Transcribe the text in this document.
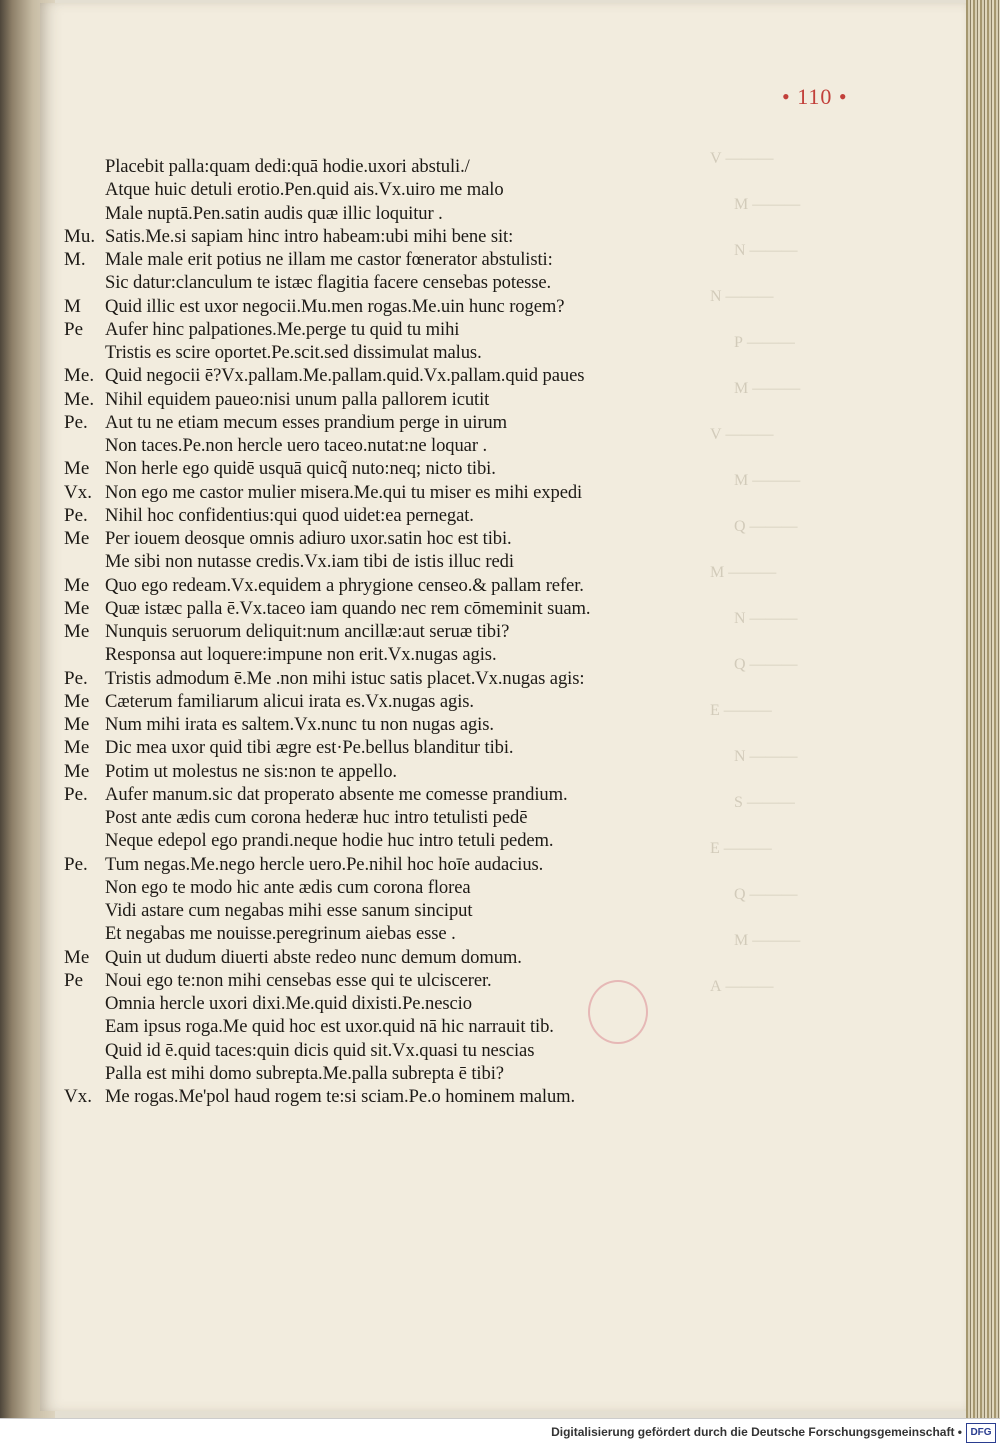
• 110 •
V ———
M ———
N ———
N ———
P ———
M ———
V ———
M ———
Q ———
M ———
N ———
Q ———
E ———
N ———
S ———
E ———
Q ———
M ———
A ———
Placebit palla:quam dedi:quā hodie.uxori abstuli./
Atque huic detuli erotio.Pen.quid ais.Vx.uiro me malo
Male nuptā.Pen.satin audis quæ illic loquitur .
Mu. Satis.Me.si sapiam hinc intro habeam:ubi mihi bene sit:
M.	Male male erit potius ne illam me castor fœnerator abstulisti:
Sic datur:clanculum te istæc flagitia facere censebas potesse.
M	Quid illic est uxor negocii.Mu.men rogas.Me.uin hunc rogem?
Pe	Aufer hinc palpationes.Me.perge tu quid tu mihi
Tristis es scire oportet.Pe.scit.sed dissimulat malus.
Me. Quid negocii ē?Vx.pallam.Me.pallam.quid.Vx.pallam.quid paues
Me. Nihil equidem paueo:nisi unum palla pallorem icutit
Pe. Aut tu ne etiam mecum esses prandium perge in uirum
Non taces.Pe.non hercle uero taceo.nutat:ne loquar .
Me Non herle ego quidē usquā quicq̃ nuto:neq; nicto tibi.
Vx. Non ego me castor mulier misera.Me.qui tu miser es mihi expedi
Pe. Nihil hoc confidentius:qui quod uidet:ea pernegat.
Me Per iouem deosque omnis adiuro uxor.satin hoc est tibi.
Me sibi non nutasse credis.Vx.iam tibi de istis illuc redi
Me Quo ego redeam.Vx.equidem a phrygione censeo.& pallam refer.
Me Quæ istæc palla ē.Vx.taceo iam quando nec rem cōmeminit suam.
Me Nunquis seruorum deliquit:num ancillæ:aut seruæ tibi?
Responsa aut loquere:impune non erit.Vx.nugas agis.
Pe. Tristis admodum ē.Me .non mihi istuc satis placet.Vx.nugas agis:
Me Cæterum familiarum alicui irata es.Vx.nugas agis.
Me Num mihi irata es saltem.Vx.nunc tu non nugas agis.
Me Dic mea uxor quid tibi ægre est·Pe.bellus blanditur tibi.
Me Potim ut molestus ne sis:non te appello.
Pe. Aufer manum.sic dat properato absente me comesse prandium.
Post ante ædis cum corona hederæ huc intro tetulisti pedē
Neque edepol ego prandi.neque hodie huc intro tetuli pedem.
Pe. Tum negas.Me.nego hercle uero.Pe.nihil hoc hoīe audacius.
Non ego te modo hic ante ædis cum corona florea
Vidi astare cum negabas mihi esse sanum sinciput
Et negabas me nouisse.peregrinum aiebas esse .
Me Quin ut dudum diuerti abste redeo nunc demum domum.
Pe	Noui ego te:non mihi censebas esse qui te ulciscerer.
Omnia hercle uxori dixi.Me.quid dixisti.Pe.nescio
Eam ipsus roga.Me quid hoc est uxor.quid nā hic narrauit tib.
Quid id ē.quid taces:quin dicis quid sit.Vx.quasi tu nescias
Palla est mihi domo subrepta.Me.palla subrepta ē tibi?
Vx. Me rogas.Me'pol haud rogem te:si sciam.Pe.o hominem malum.
Digitalisierung gefördert durch die Deutsche Forschungsgemeinschaft • DFG
